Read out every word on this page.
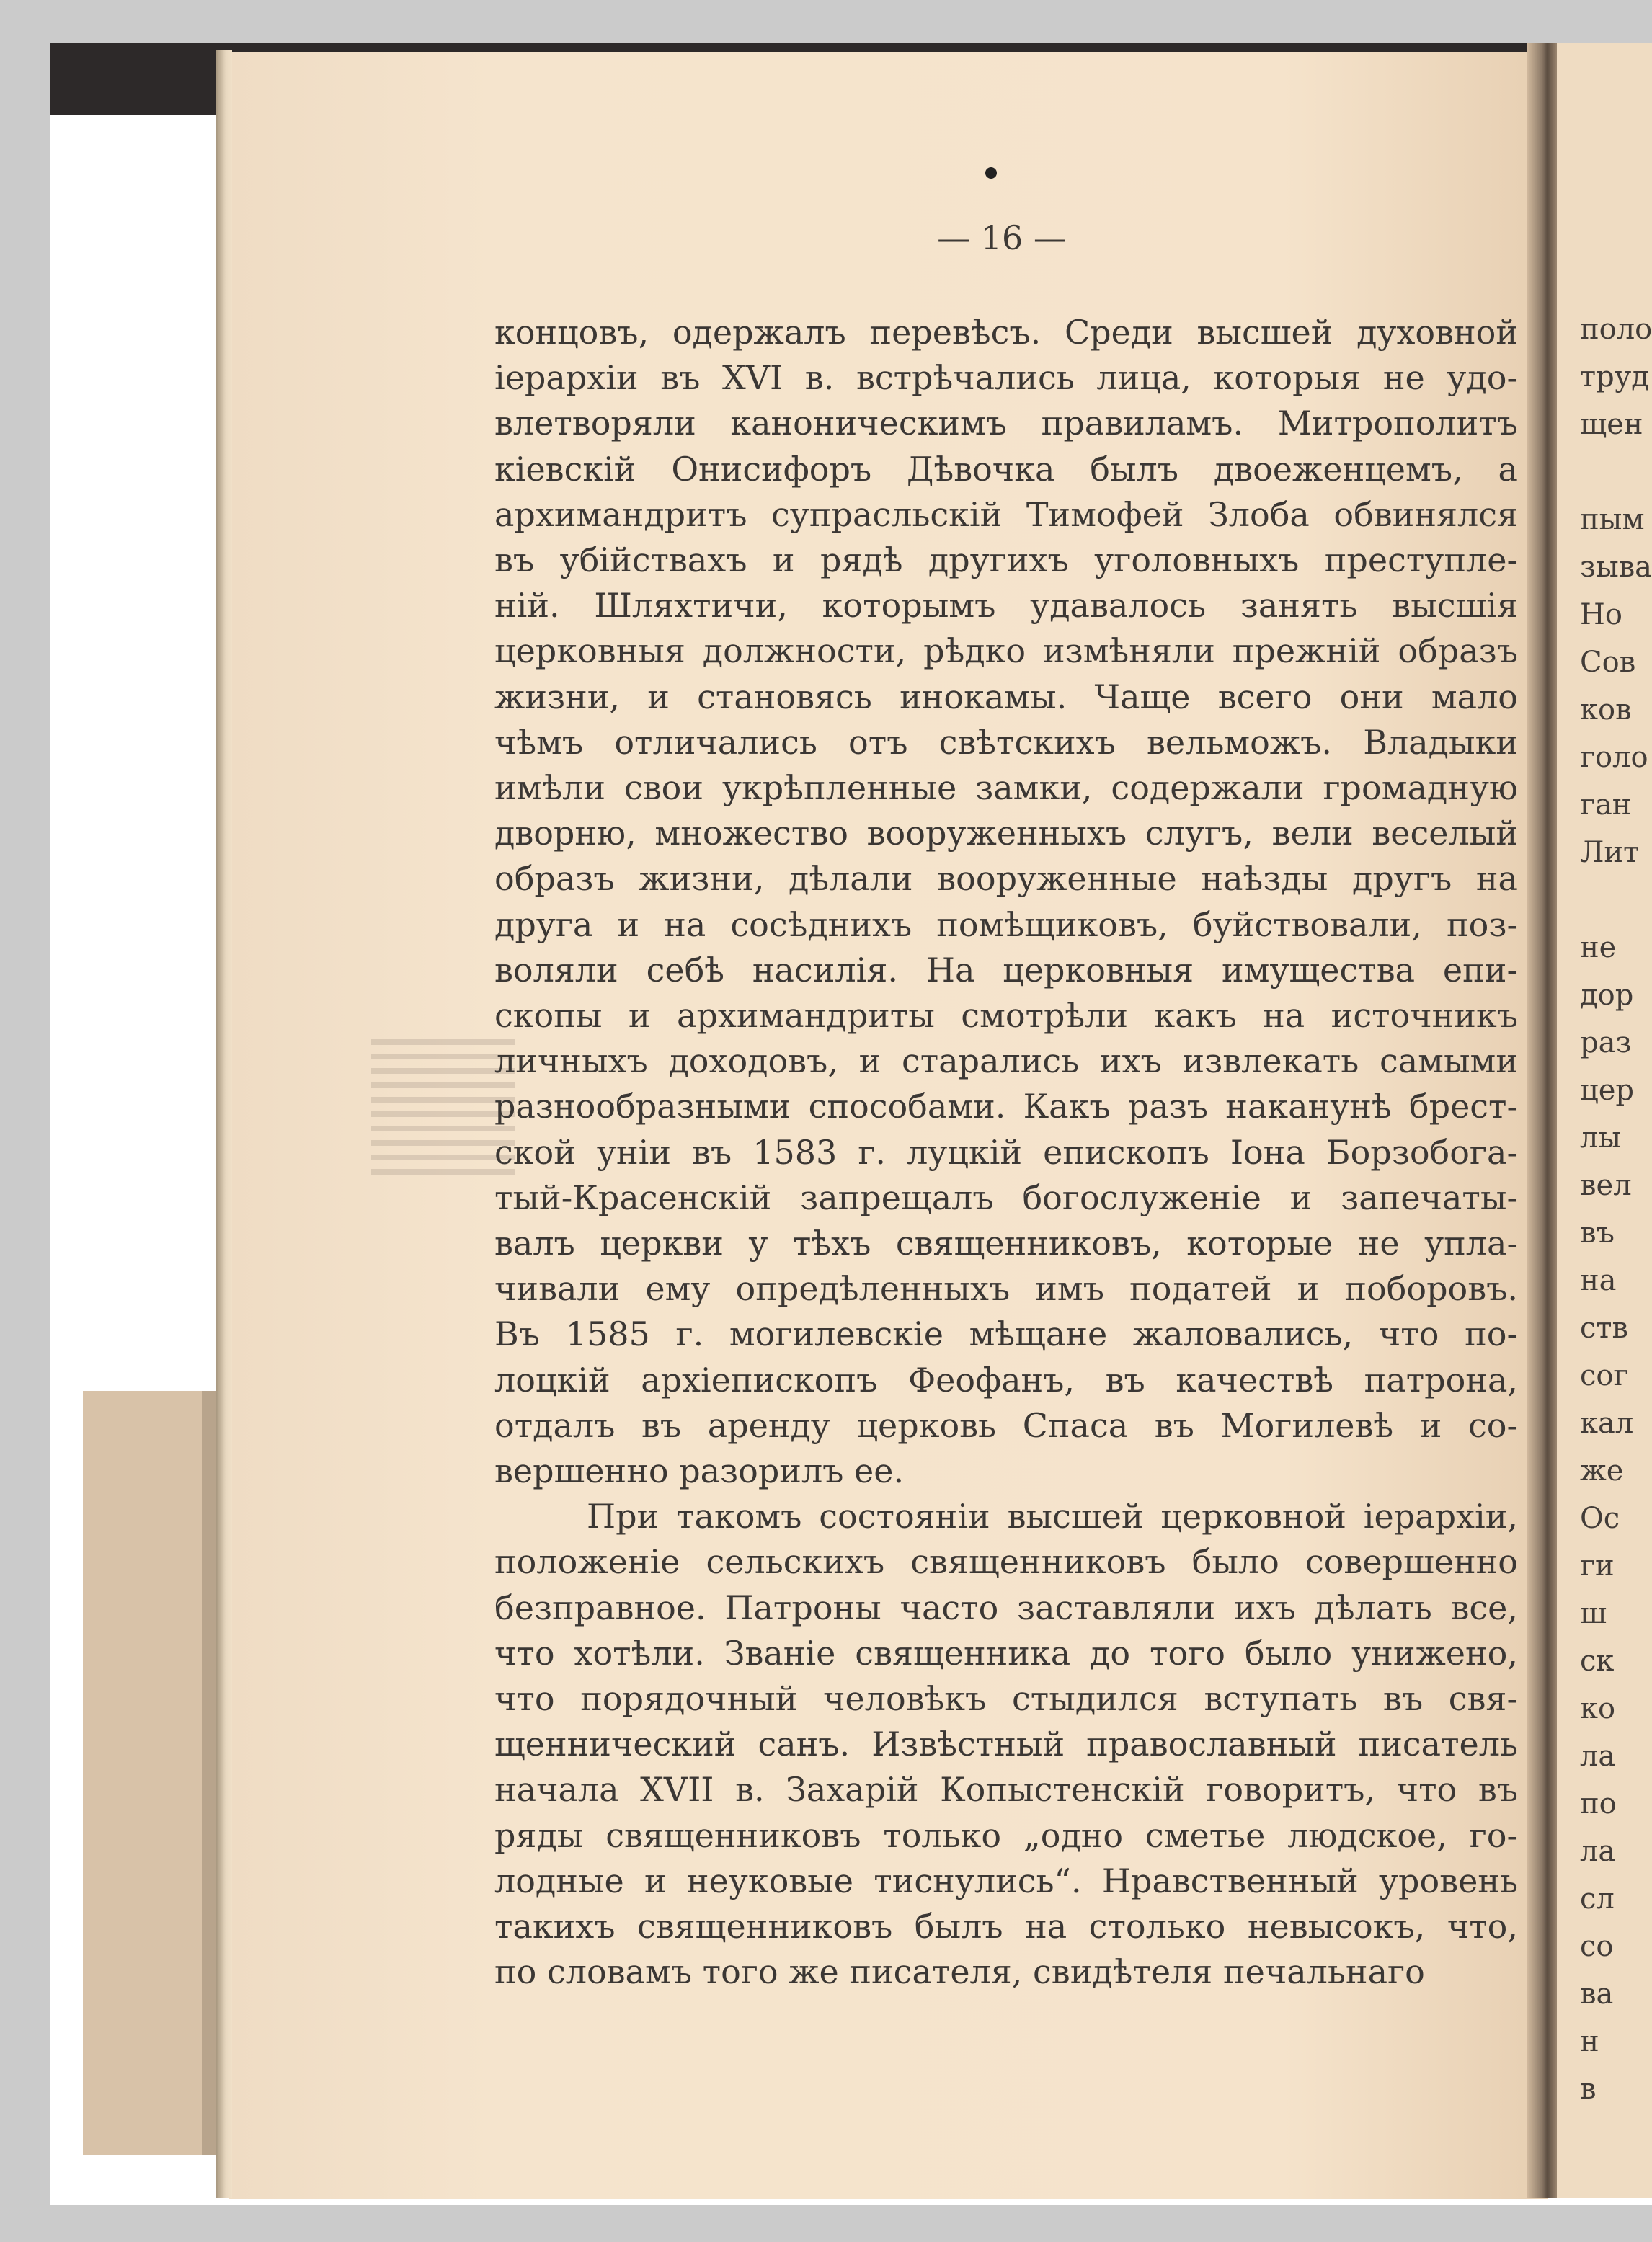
— 16 —
концовъ, одержалъ перевѣсъ. Среди высшей духовной
іерархіи въ XVI в. встрѣчались лица, которыя не удо-
влетворяли каноническимъ правиламъ. Митрополитъ
кіевскій Онисифоръ Дѣвочка былъ двоеженцемъ, а
архимандритъ супрасльскій Тимофей Злоба обвинялся
въ убійствахъ и рядѣ другихъ уголовныхъ преступле-
ній. Шляхтичи, которымъ удавалось занять высшія
церковныя должности, рѣдко измѣняли прежній образъ
жизни, и становясь инокамы. Чаще всего они мало
чѣмъ отличались отъ свѣтскихъ вельможъ. Владыки
имѣли свои укрѣпленные замки, содержали громадную
дворню, множество вооруженныхъ слугъ, вели веселый
образъ жизни, дѣлали вооруженные наѣзды другъ на
друга и на сосѣднихъ помѣщиковъ, буйствовали, поз-
воляли себѣ насилія. На церковныя имущества епи-
скопы и архимандриты смотрѣли какъ на источникъ
личныхъ доходовъ, и старались ихъ извлекать самыми
разнообразными способами. Какъ разъ наканунѣ брест-
ской уніи въ 1583 г. луцкій епископъ Іона Борзобога-
тый-Красенскій запрещалъ богослуженіе и запечаты-
валъ церкви у тѣхъ священниковъ, которые не упла-
чивали ему опредѣленныхъ имъ податей и поборовъ.
Въ 1585 г. могилевскіе мѣщане жаловались, что по-
лоцкій архіепископъ Феофанъ, въ качествѣ патрона,
отдалъ въ аренду церковь Спаса въ Могилевѣ и со-
вершенно разорилъ ее.
При такомъ состояніи высшей церковной іерархіи,
положеніе сельскихъ священниковъ было совершенно
безправное. Патроны часто заставляли ихъ дѣлать все,
что хотѣли. Званіе священника до того было унижено,
что порядочный человѣкъ стыдился вступать въ свя-
щеннический санъ. Извѣстный православный писатель
начала XVII в. Захарій Копыстенскій говоритъ, что въ
ряды священниковъ только „одно сметье людское, го-
лодные и неуковые тиснулись“. Нравственный уровень
такихъ священниковъ былъ на столько невысокъ, что,
по словамъ того же писателя, свидѣтеля печальнаго
поло
труд
щен
пым
зыва
Но
Сов
ков
голо
ган
Лит
не
дор
раз
цер
лы
вел
въ
на
ств
сог
кал
же
Ос
ги
ш
ск
ко
ла
по
ла
сл
со
ва
н
в
